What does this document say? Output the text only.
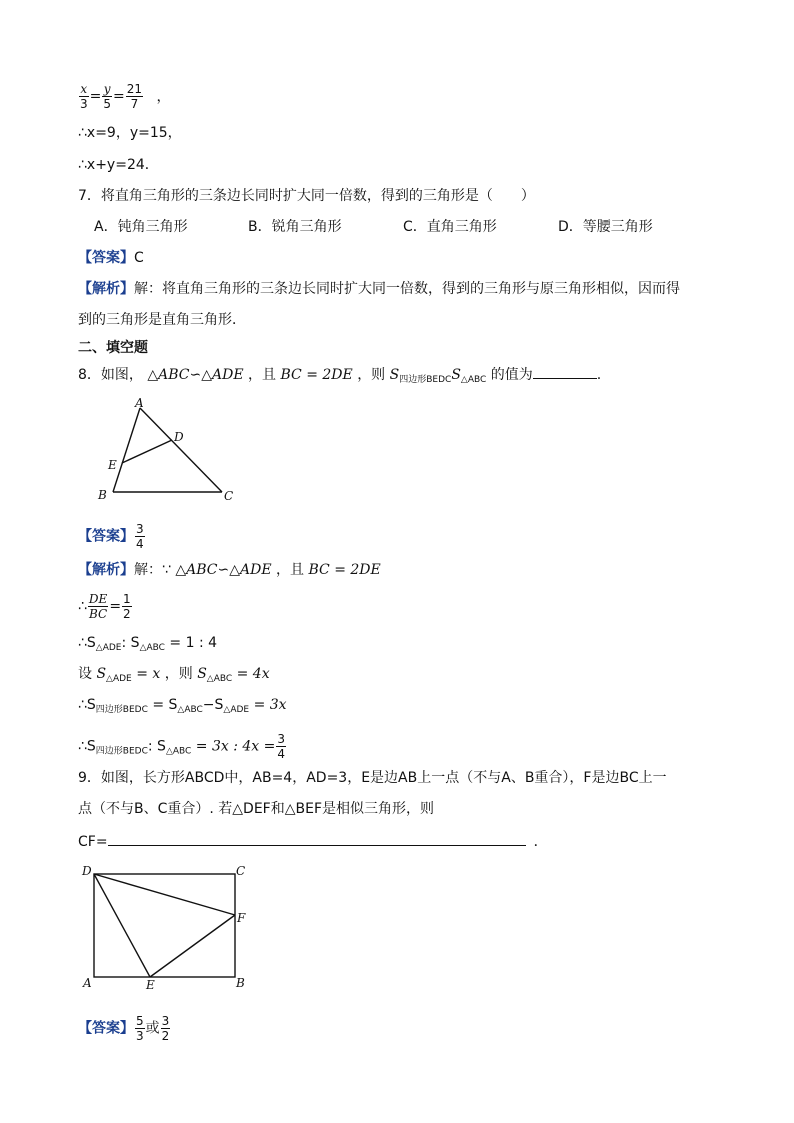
$\frac{x}{3} = \frac{y}{5} = \frac{21}{7}$ ，
∴x=9，y=15，
∴x+y=24．
7．将直角三角形的三条边长同时扩大同一倍数，得到的三角形是（　　）
A．钝角三角形	B．锐角三角形	C．直角三角形	D．等腰三角形
【答案】C
【解析】解：将直角三角形的三条边长同时扩大同一倍数，得到的三角形与原三角形相似，因而得
到的三角形是直角三角形．
二、填空题
8．如图， △ABC∽△ADE ，且 BC = 2DE ，则 $S_{四边形BEDC}S_{\triangle ABC}$ 的值为	.
A
D
E
B	C
【答案】 $\frac{3}{4}$
【解析】解：∵ △ABC∽△ADE ，且 BC = 2DE
∴ $\frac{DE}{BC} = \frac{1}{2}$
$\therefore S_{\triangle ADE}$: $S_{\triangle ABC} = 1$ : 4
设 $S_{\triangle ADE} = x$ ，则 $S_{\triangle ABC} = 4x$
$\therefore S_{四边形BEDC} = S_{\triangle ABC}-S_{\triangle ADE} = 3x$
$\therefore S_{四边形BEDC}$: $S_{\triangle ABC} = 3x$ : $4x = \frac{3}{4}$
9．如图，长方形ABCD中，AB=4，AD=3，E是边AB上一点（不与A、B重合），F是边BC上一
点（不与B、C重合）. 若△DEF和△BEF是相似三角形，则
CF=	．
D	C
F
A	E	B
【答案】 $\frac{5}{3}$ 或 $\frac{3}{2}$
